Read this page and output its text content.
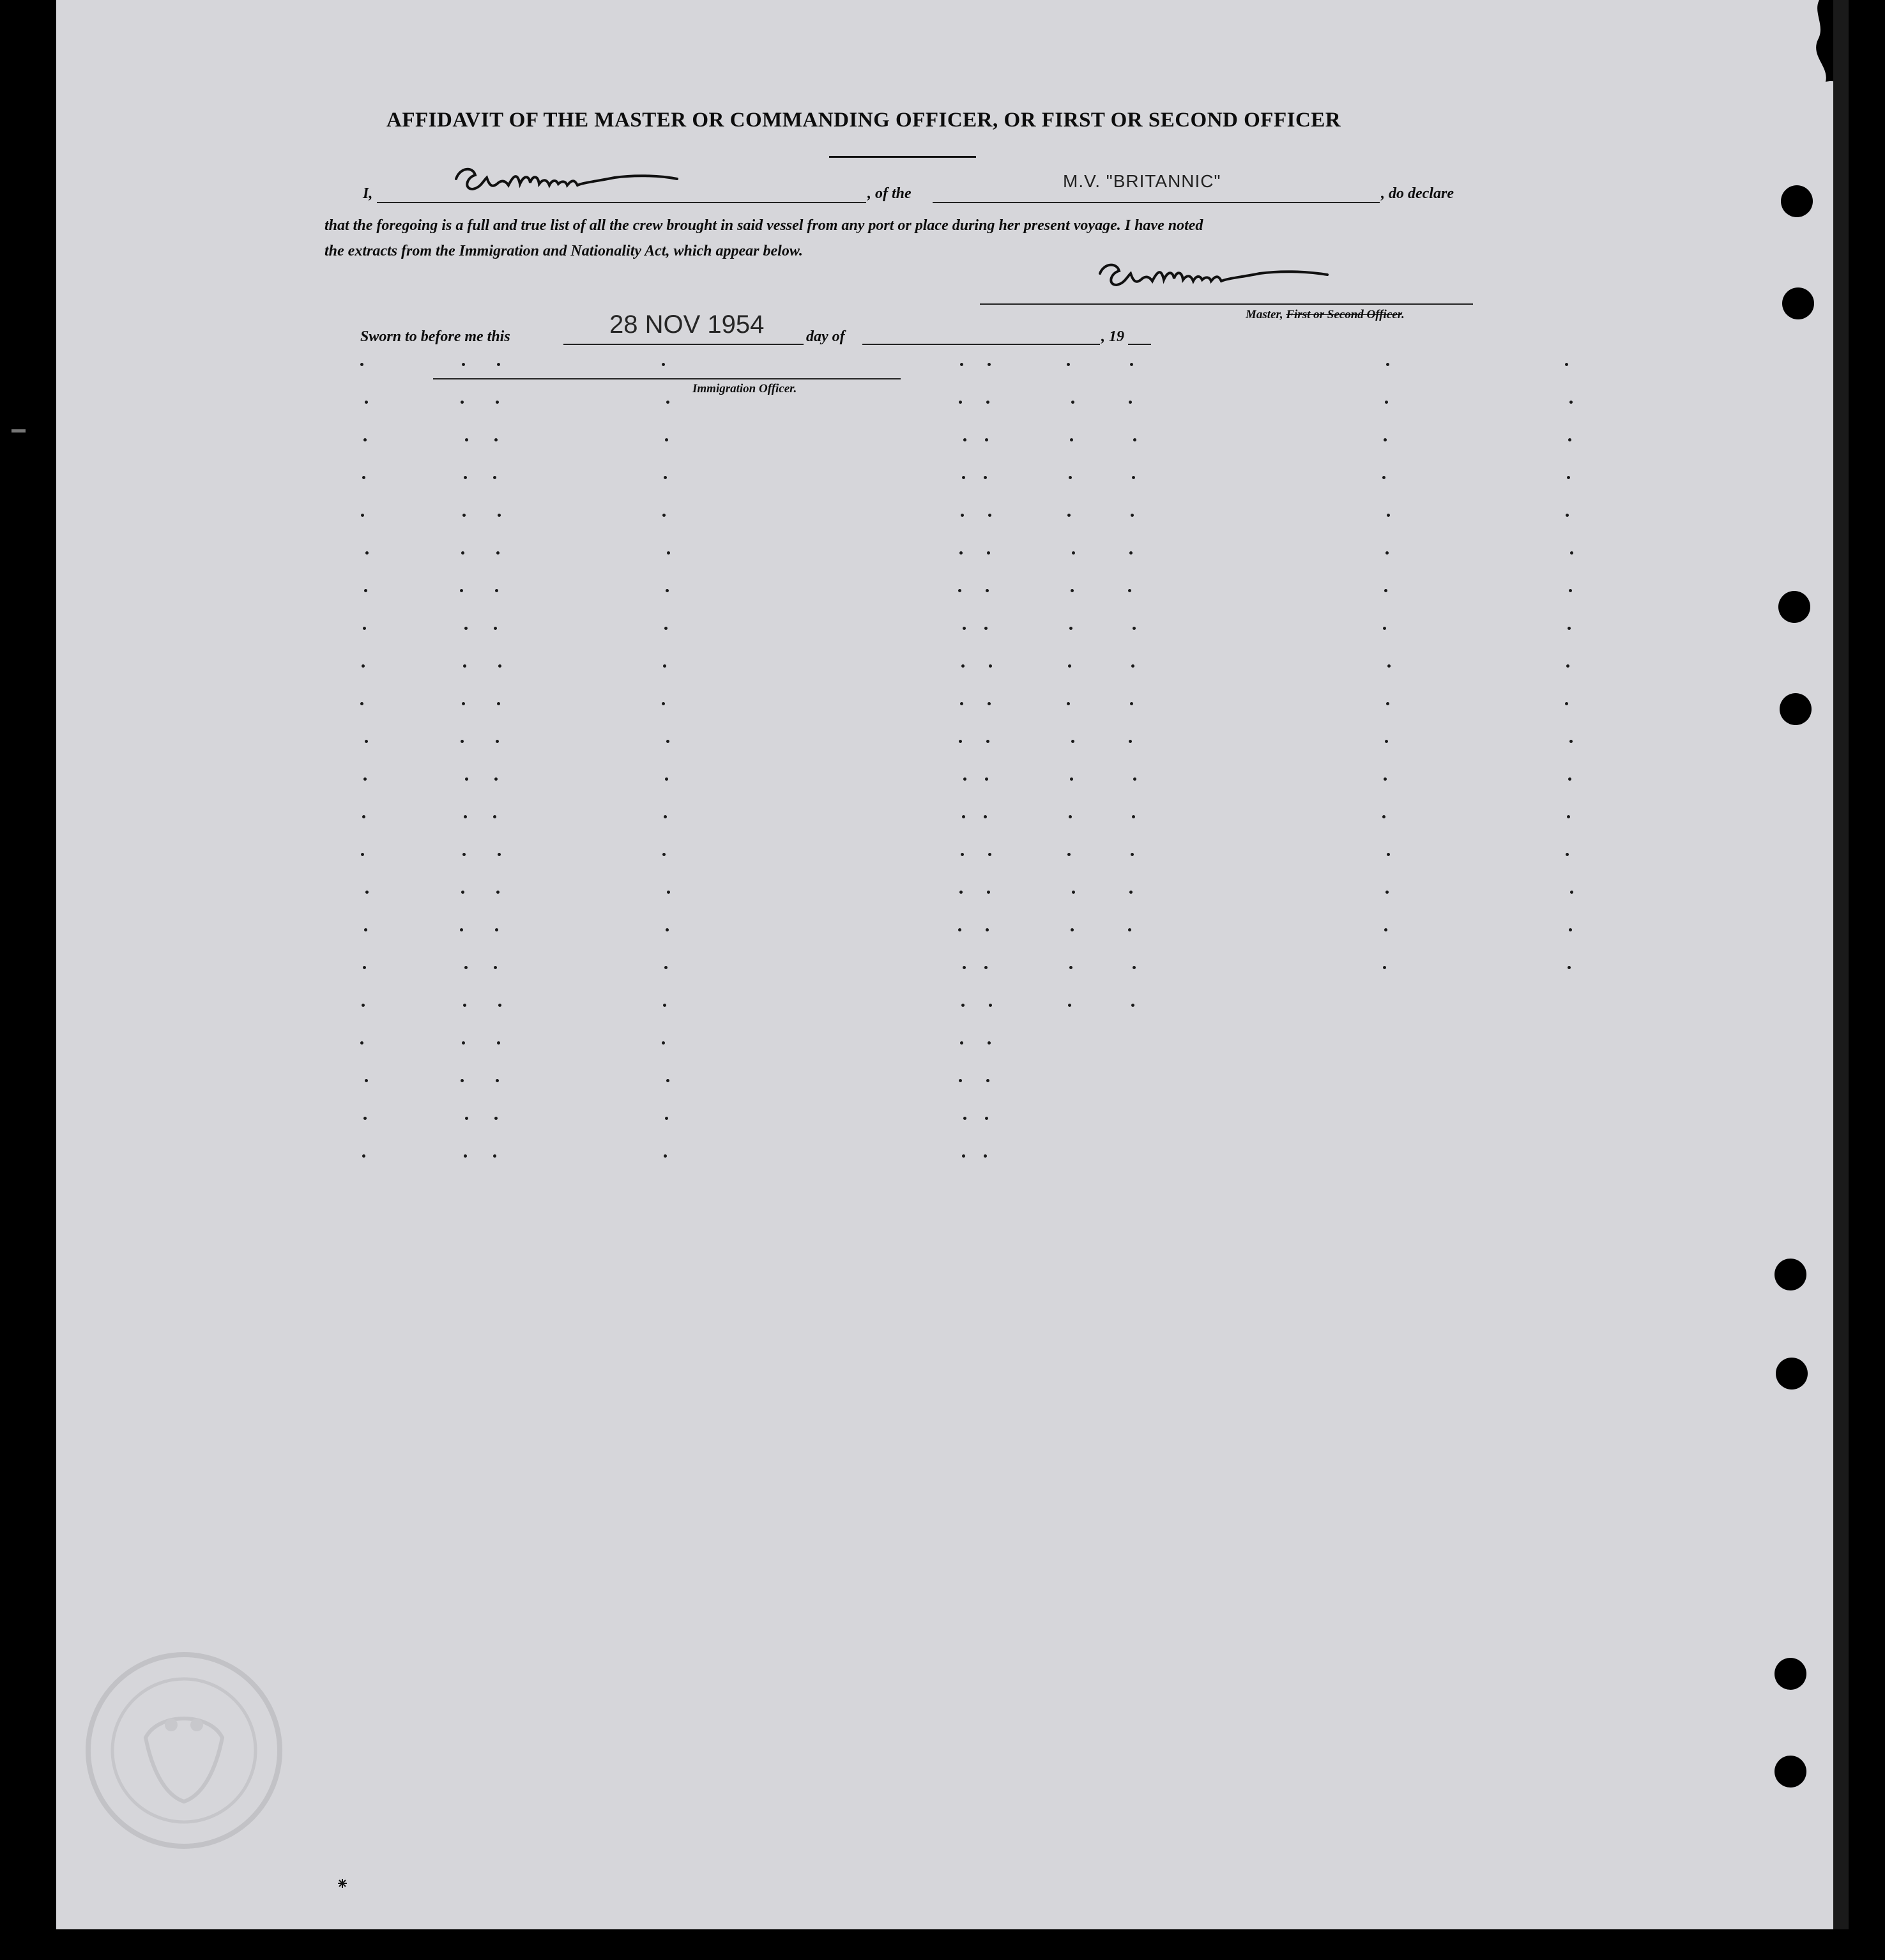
AFFIDAVIT OF THE MASTER OR COMMANDING OFFICER, OR FIRST OR SECOND OFFICER
I,	, of the
M.V. "BRITANNIC"
, do declare
that the foregoing is a full and true list of all the crew brought in said vessel from any port or place during her present voyage. I have noted
the extracts from the Immigration and Nationality Act, which appear below.
Master, First or Second Officer.
Sworn to before me this	28 NOV 1954	day of	, 19
Immigration Officer.
